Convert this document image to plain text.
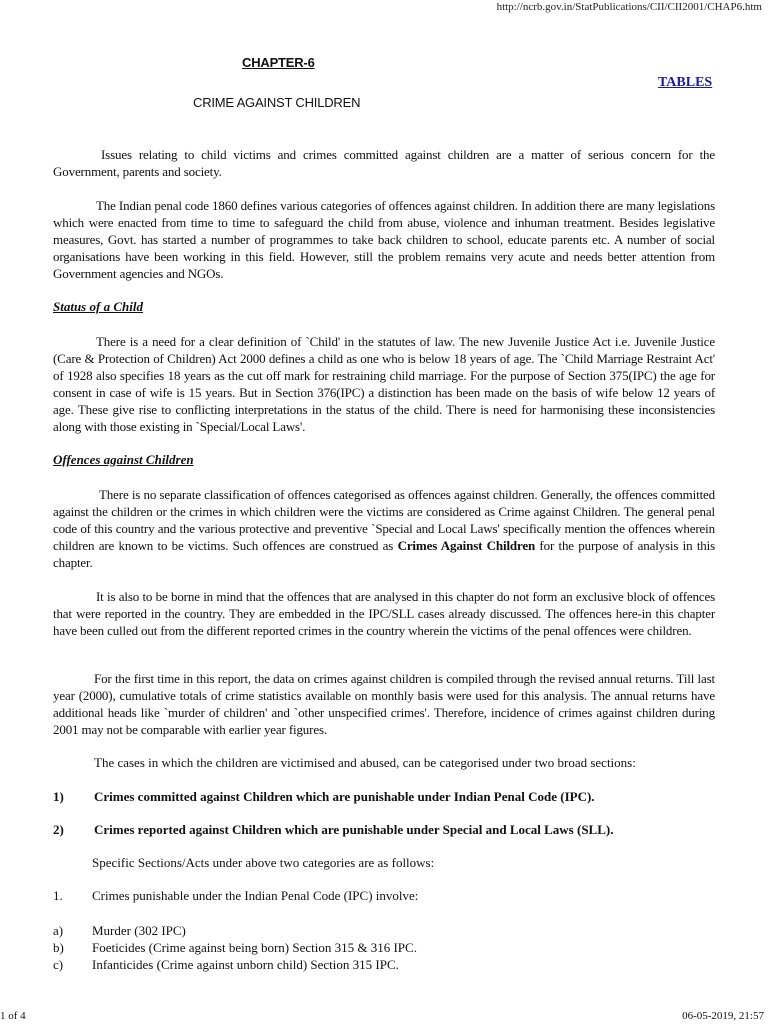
http://ncrb.gov.in/StatPublications/CII/CII2001/CHAP6.htm
CHAPTER-6
TABLES
CRIME AGAINST CHILDREN

Issues relating to child victims and crimes committed against children are a matter of serious concern for the Government, parents and society.

The Indian penal code 1860 defines various categories of offences against children. In addition there are many legislations which were enacted from time to time to safeguard the child from abuse, violence and inhuman treatment. Besides legislative measures, Govt. has started a number of programmes to take back children to school, educate parents etc. A number of social organisations have been working in this field. However, still the problem remains very acute and needs better attention from Government agencies and NGOs.

Status of a Child

There is a need for a clear definition of `Child' in the statutes of law. The new Juvenile Justice Act i.e. Juvenile Justice (Care & Protection of Children) Act 2000 defines a child as one who is below 18 years of age. The `Child Marriage Restraint Act' of 1928 also specifies 18 years as the cut off mark for restraining child marriage. For the purpose of Section 375(IPC) the age for consent in case of wife is 15 years. But in Section 376(IPC) a distinction has been made on the basis of wife below 12 years of age. These give rise to conflicting interpretations in the status of the child. There is need for harmonising these inconsistencies along with those existing in `Special/Local Laws'.

Offences against Children

There is no separate classification of offences categorised as offences against children. Generally, the offences committed against the children or the crimes in which children were the victims are considered as Crime against Children. The general penal code of this country and the various protective and preventive `Special and Local Laws' specifically mention the offences wherein children are known to be victims. Such offences are construed as Crimes Against Children for the purpose of analysis in this chapter.

It is also to be borne in mind that the offences that are analysed in this chapter do not form an exclusive block of offences that were reported in the country. They are embedded in the IPC/SLL cases already discussed. The offences here-in this chapter have been culled out from the different reported crimes in the country wherein the victims of the penal offences were children.

For the first time in this report, the data on crimes against children is compiled through the revised annual returns. Till last year (2000), cumulative totals of crime statistics available on monthly basis were used for this analysis. The annual returns have additional heads like `murder of children' and `other unspecified crimes'. Therefore, incidence of crimes against children during 2001 may not be comparable with earlier year figures.

The cases in which the children are victimised and abused, can be categorised under two broad sections:
1) Crimes committed against Children which are punishable under Indian Penal Code (IPC).
2) Crimes reported against Children which are punishable under Special and Local Laws (SLL).
Specific Sections/Acts under above two categories are as follows:
1. Crimes punishable under the Indian Penal Code (IPC) involve:
a) Murder (302 IPC)
b) Foeticides (Crime against being born) Section 315 & 316 IPC.
c) Infanticides (Crime against unborn child) Section 315 IPC.
1 of 4	06-05-2019, 21:57
